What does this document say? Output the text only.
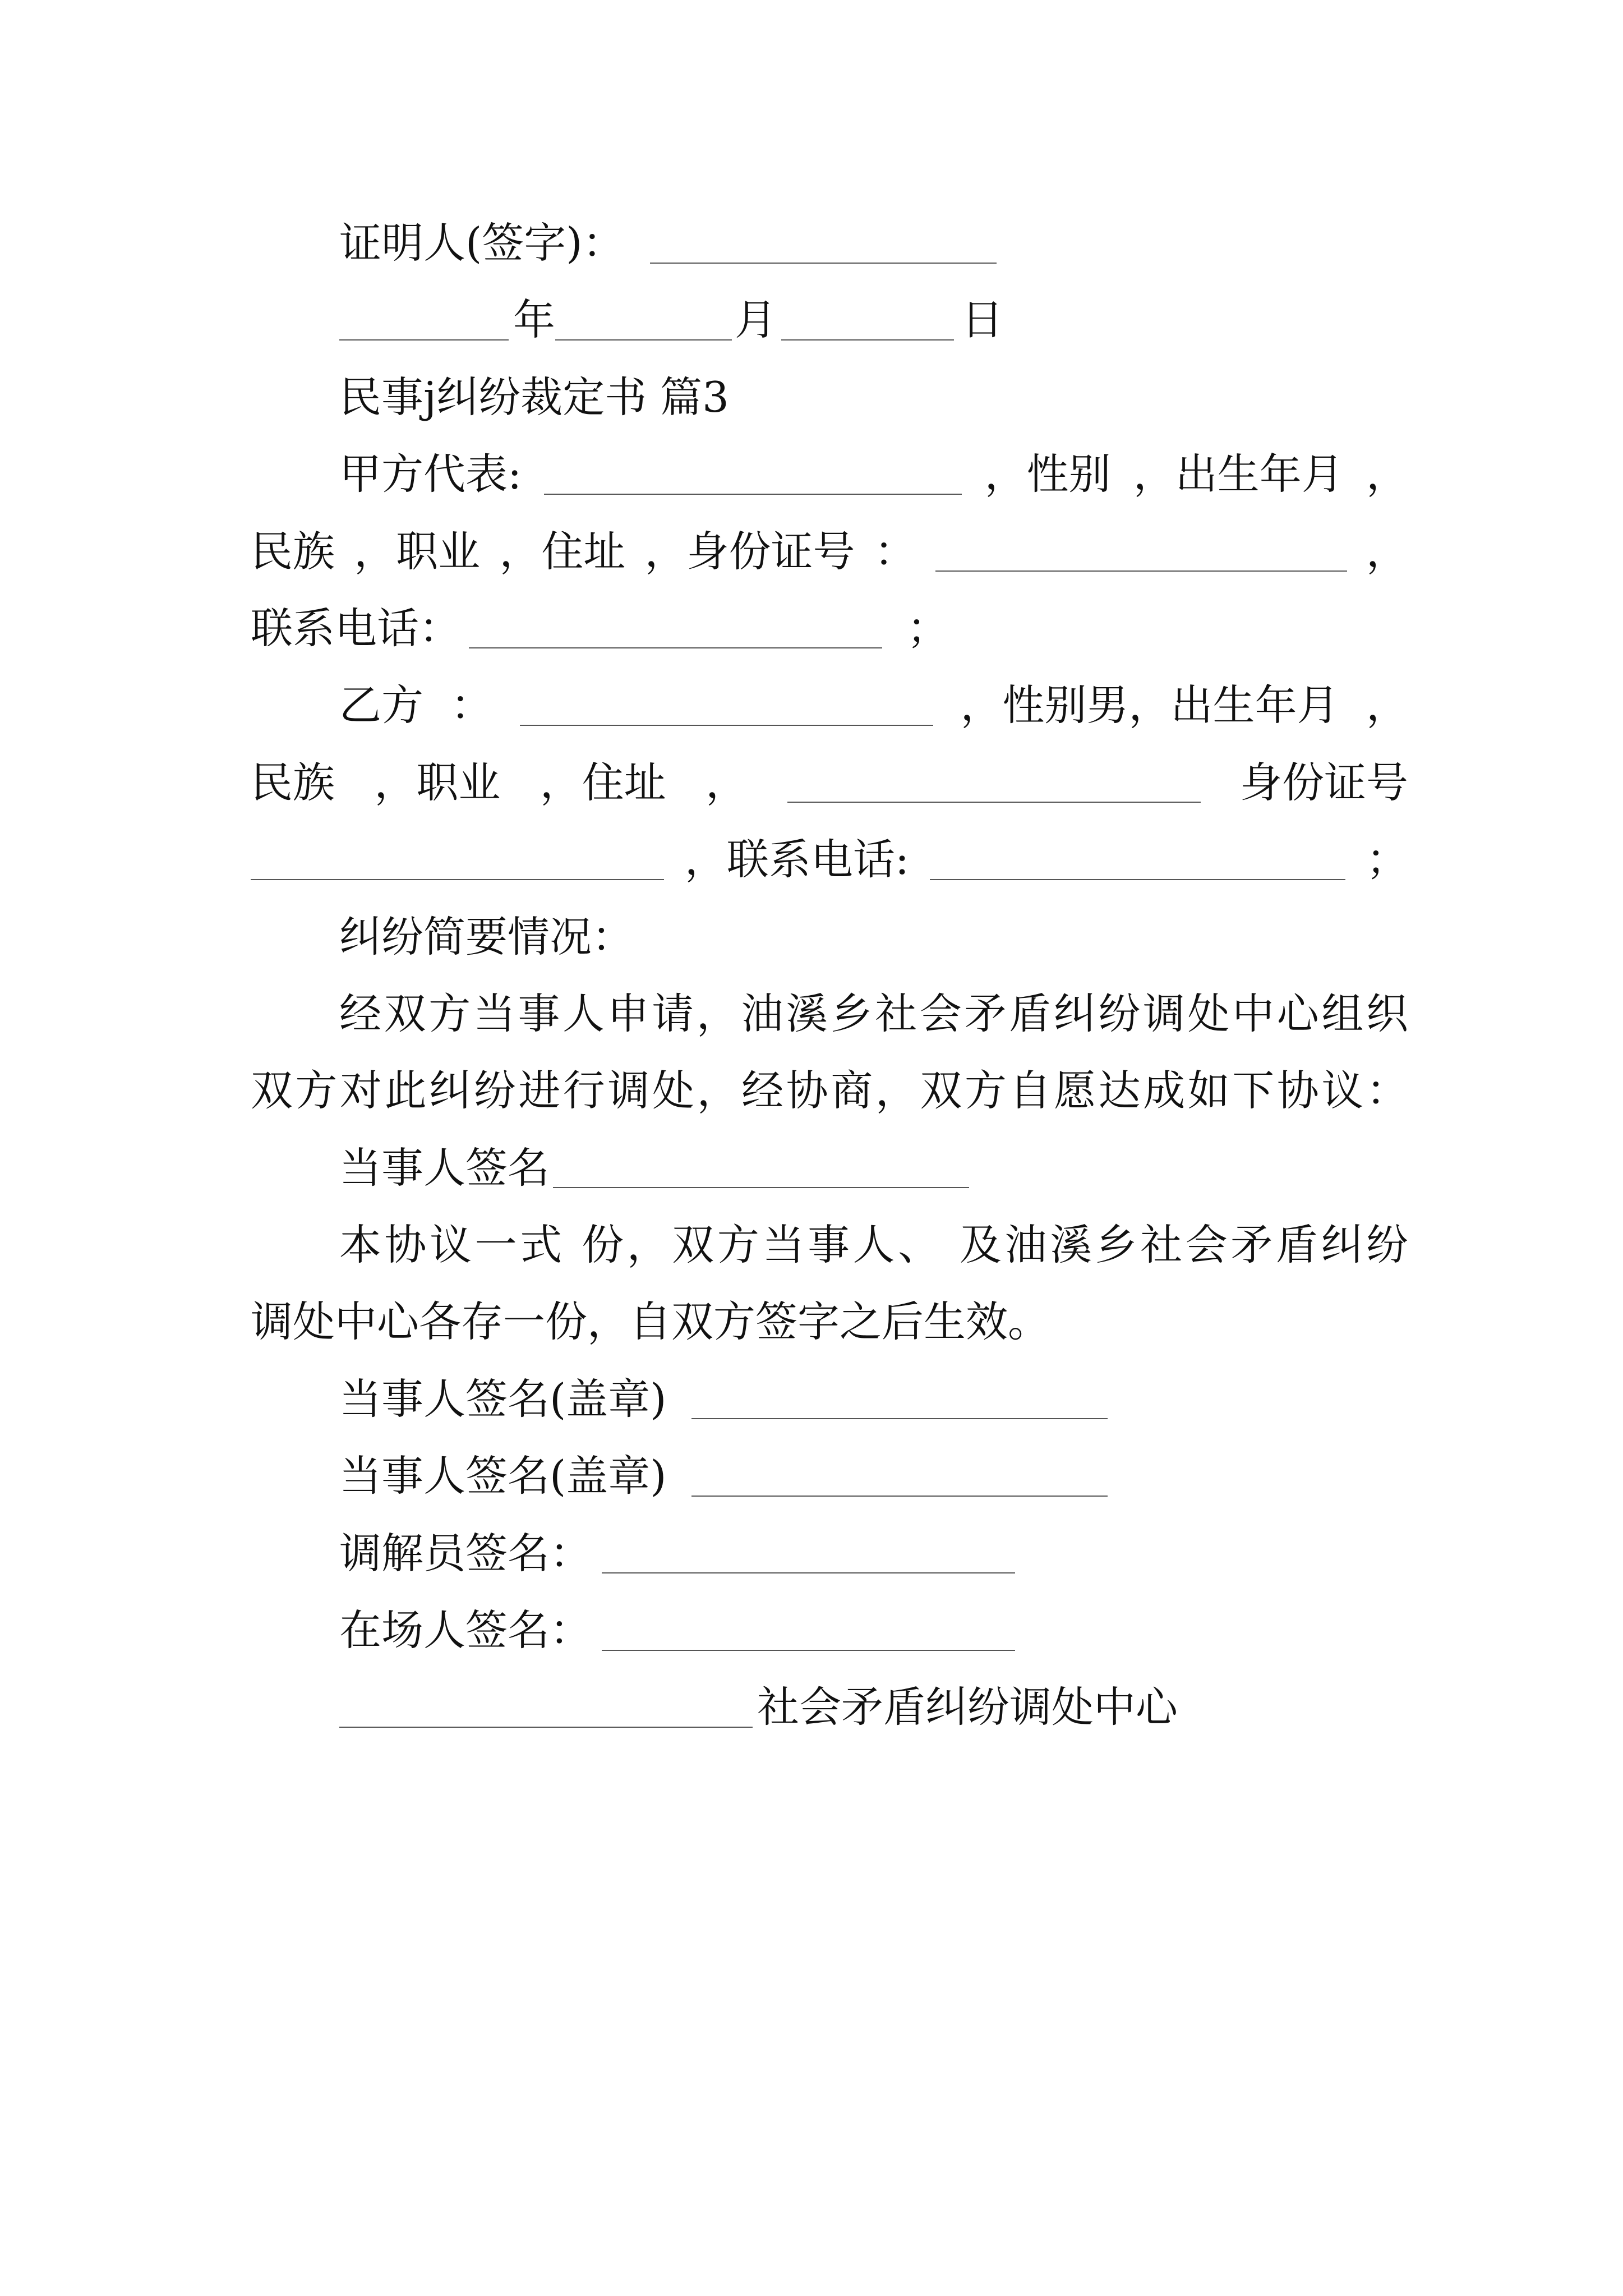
证明人(签字)：
年	月	日
民事j纠纷裁定书 篇3
甲方代表:	，性别 ，出生年月 ，
民族 ，职业 ，住址 ，身份证号 ：	，
联系电话：	；
乙方 ：	，性别男，出生年月 ，
民族 ，职业 ，住址 ，	身份证号
，联系电话:	；
纠纷简要情况：
经双方当事人申请，油溪乡社会矛盾纠纷调处中心组织
双方对此纠纷进行调处，经协商，双方自愿达成如下协议：
当事人签名
本协议一式 份，双方当事人、 及油溪乡社会矛盾纠纷
调处中心各存一份，自双方签字之后生效。
当事人签名(盖章)
当事人签名(盖章)
调解员签名：
在场人签名：
社会矛盾纠纷调处中心
